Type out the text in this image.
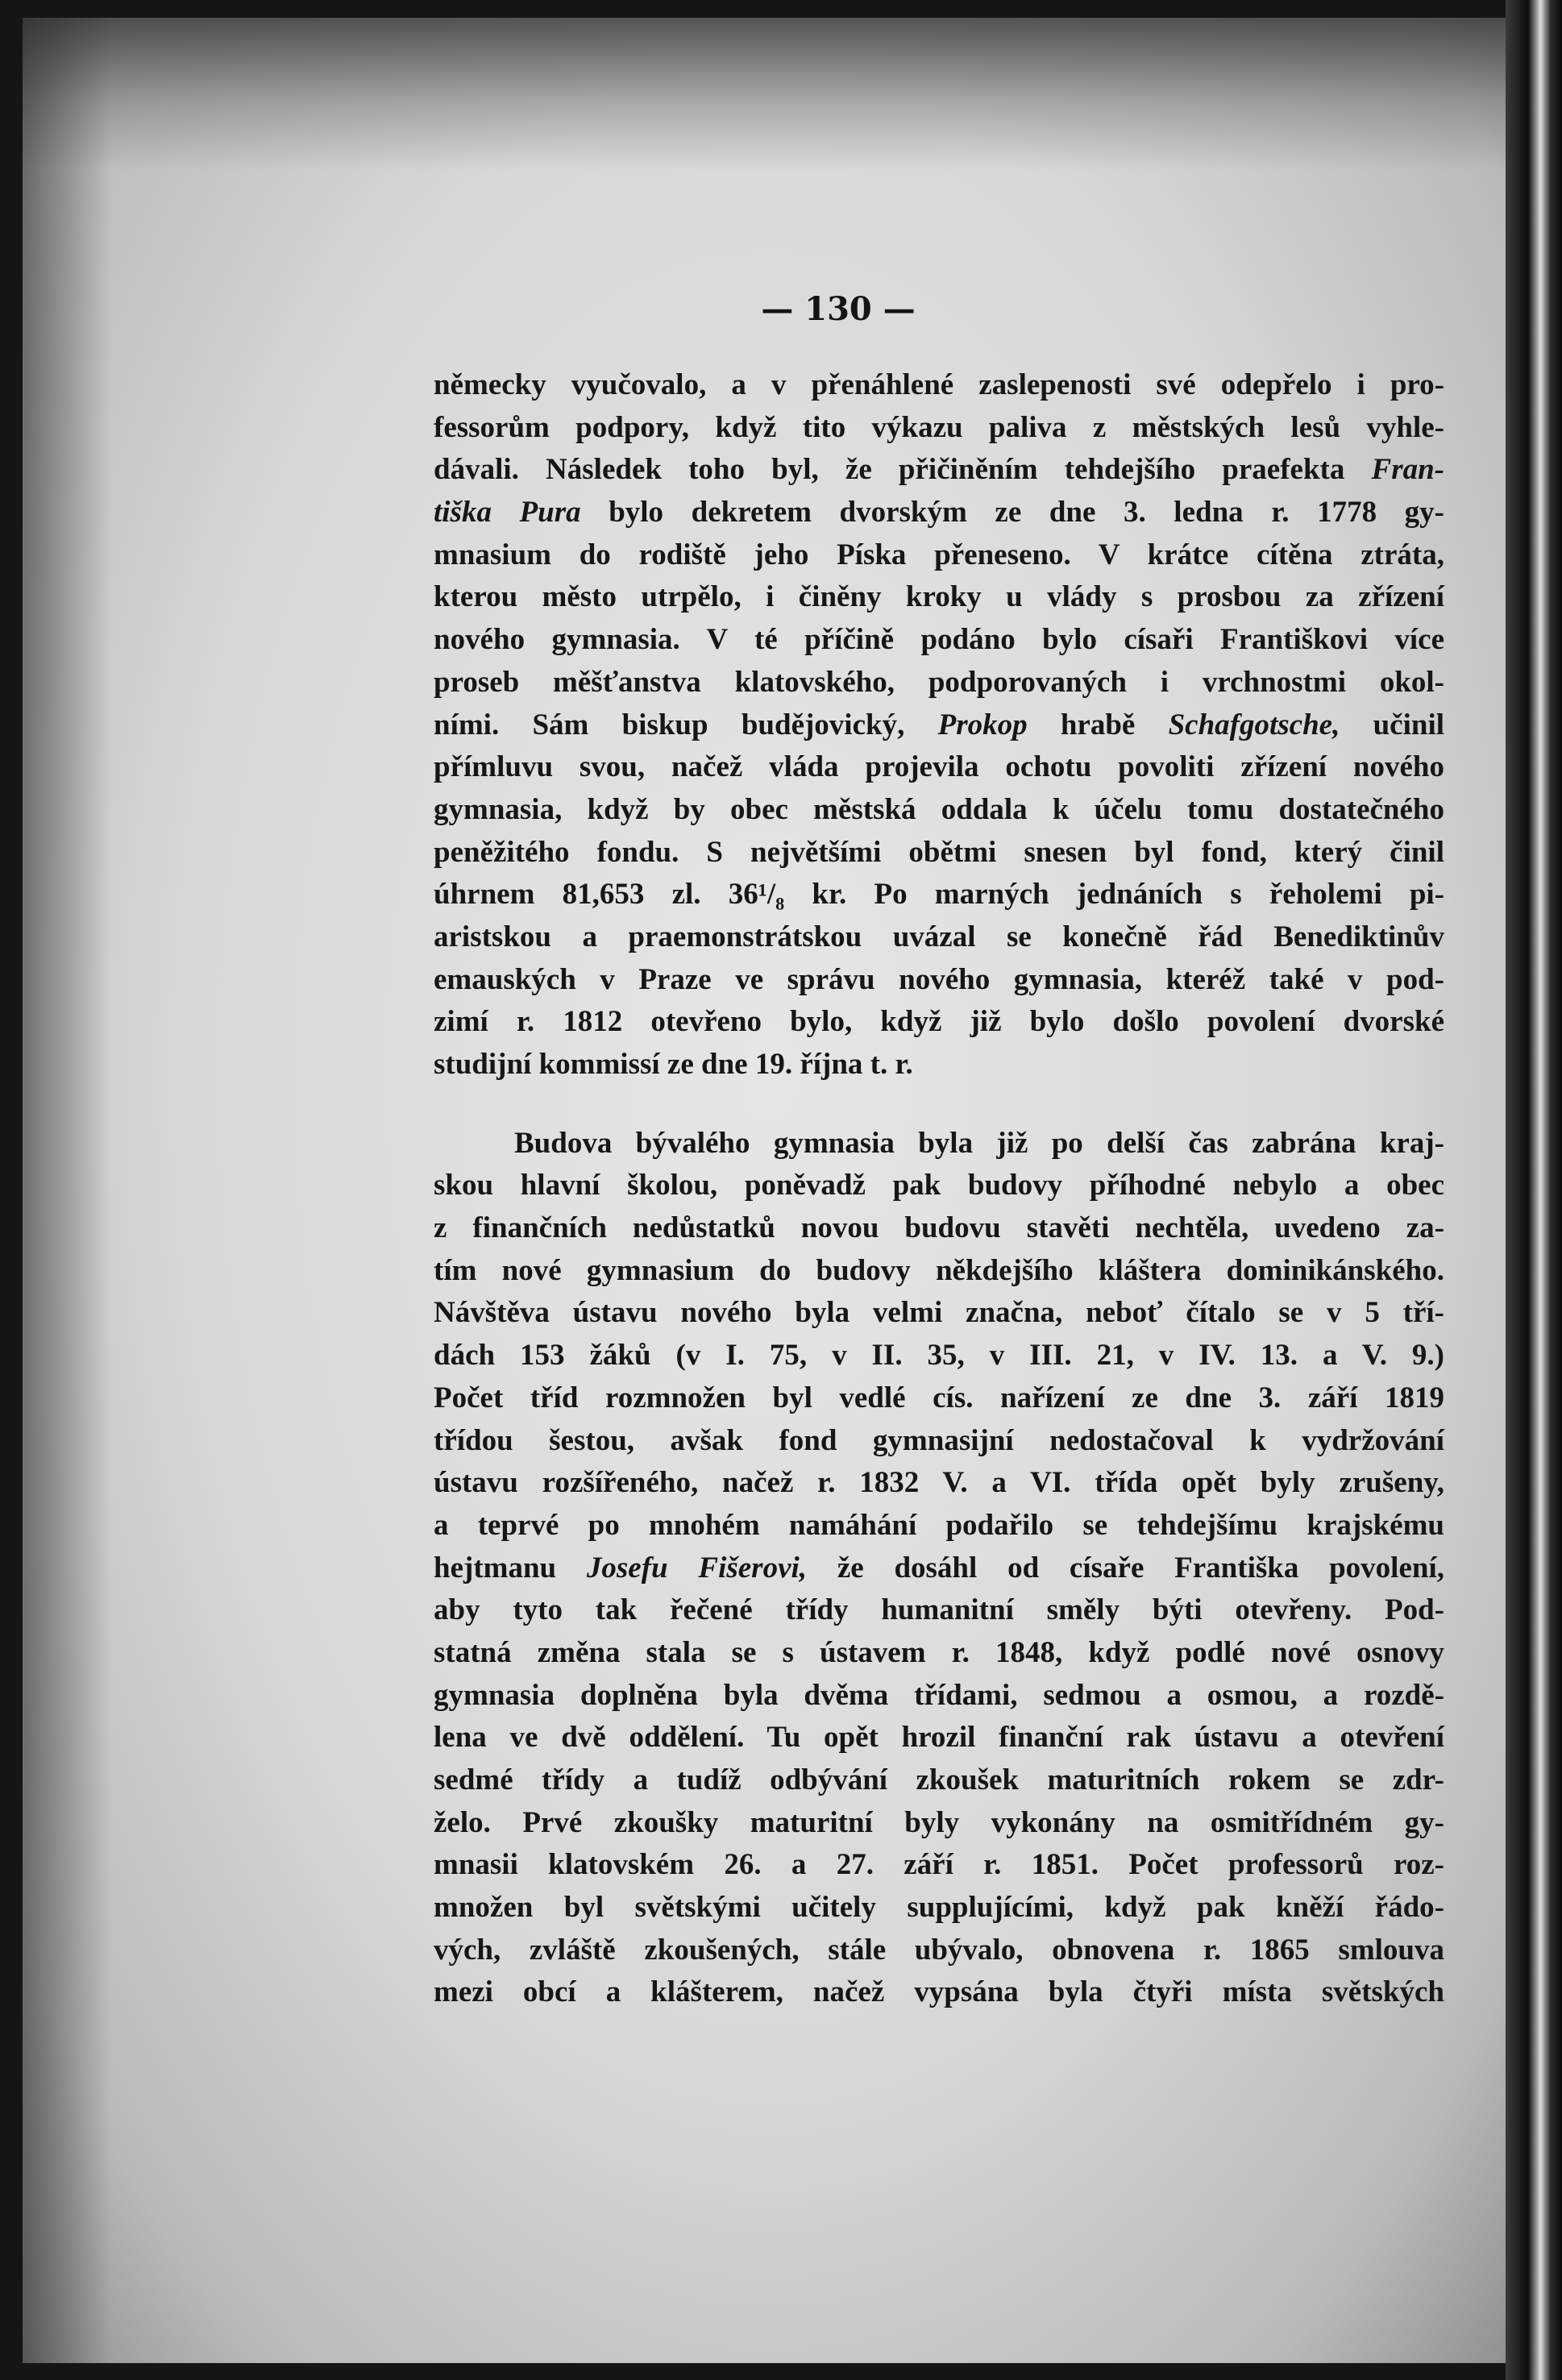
— 130 —
německy vyučovalo, a v přenáhlené zaslepenosti své odepřelo i pro-
fessorům podpory, když tito výkazu paliva z městských lesů vyhle-
dávali. Následek toho byl, že přičiněním tehdejšího praefekta Fran-
tiška Pura bylo dekretem dvorským ze dne 3. ledna r. 1778 gy-
mnasium do rodiště jeho Píska přeneseno. V krátce cítěna ztráta,
kterou město utrpělo, i činěny kroky u vlády s prosbou za zřízení
nového gymnasia. V té příčině podáno bylo císaři Františkovi více
proseb měšťanstva klatovského, podporovaných i vrchnostmi okol-
ními. Sám biskup budějovický, Prokop hrabě Schafgotsche, učinil
přímluvu svou, načež vláda projevila ochotu povoliti zřízení nového
gymnasia, když by obec městská oddala k účelu tomu dostatečného
peněžitého fondu. S největšími obětmi snesen byl fond, který činil
úhrnem 81,653 zl. 36¹/₈ kr. Po marných jednáních s řeholemi pi-
aristskou a praemonstrátskou uvázal se konečně řád Benediktinův
emauských v Praze ve správu nového gymnasia, kteréž také v pod-
zimí r. 1812 otevřeno bylo, když již bylo došlo povolení dvorské
studijní kommissí ze dne 19. října t. r.
Budova bývalého gymnasia byla již po delší čas zabrána kraj-
skou hlavní školou, poněvadž pak budovy příhodné nebylo a obec
z finančních nedůstatků novou budovu stavěti nechtěla, uvedeno za-
tím nové gymnasium do budovy někdejšího kláštera dominikánského.
Návštěva ústavu nového byla velmi značna, neboť čítalo se v 5 tří-
dách 153 žáků (v I. 75, v II. 35, v III. 21, v IV. 13. a V. 9.)
Počet tříd rozmnožen byl vedlé cís. nařízení ze dne 3. září 1819
třídou šestou, avšak fond gymnasijní nedostačoval k vydržování
ústavu rozšířeného, načež r. 1832 V. a VI. třída opět byly zrušeny,
a teprvé po mnohém namáhání podařilo se tehdejšímu krajskému
hejtmanu Josefu Fišerovi, že dosáhl od císaře Františka povolení,
aby tyto tak řečené třídy humanitní směly býti otevřeny. Pod-
statná změna stala se s ústavem r. 1848, když podlé nové osnovy
gymnasia doplněna byla dvěma třídami, sedmou a osmou, a rozdě-
lena ve dvě oddělení. Tu opět hrozil finanční rak ústavu a otevření
sedmé třídy a tudíž odbývání zkoušek maturitních rokem se zdr-
želo. Prvé zkoušky maturitní byly vykonány na osmitřídném gy-
mnasii klatovském 26. a 27. září r. 1851. Počet professorů roz-
množen byl světskými učitely supplujícími, když pak kněží řádo-
vých, zvláště zkoušených, stále ubývalo, obnovena r. 1865 smlouva
mezi obcí a klášterem, načež vypsána byla čtyři místa světských
